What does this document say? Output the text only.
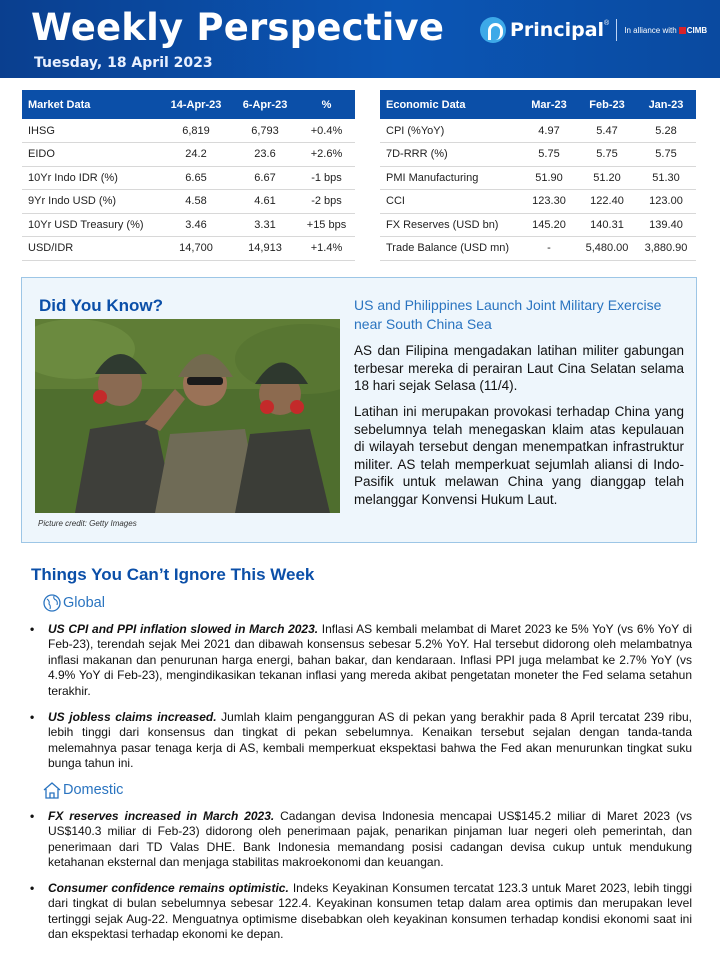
Weekly Perspective
Tuesday, 18 April 2023
Principal ®
In alliance with	CIMB
Market Data	14-Apr-23	6-Apr-23	%
IHSG	6,819	6,793	+0.4%
EIDO	24.2	23.6	+2.6%
10Yr Indo IDR (%)	6.65	6.67	-1 bps
9Yr Indo USD (%)	4.58	4.61	-2 bps
10Yr USD Treasury (%)	3.46	3.31	+15 bps
USD/IDR	14,700	14,913	+1.4%
Economic Data	Mar-23	Feb-23	Jan-23
CPI (%YoY)	4.97	5.47	5.28
7D-RRR (%)	5.75	5.75	5.75
PMI Manufacturing	51.90	51.20	51.30
CCI	123.30	122.40	123.00
FX Reserves (USD bn)	145.20	140.31	139.40
Trade Balance (USD mn)	-	5,480.00	3,880.90
Did You Know?
Picture credit: Getty Images
US and Philippines Launch Joint Military Exercise near South China Sea
AS dan Filipina mengadakan latihan militer gabungan terbesar mereka di perairan Laut Cina Selatan selama 18 hari sejak Selasa (11/4).
Latihan ini merupakan provokasi terhadap China yang sebelumnya telah menegaskan klaim atas kepulauan di wilayah tersebut dengan menempatkan infrastruktur militer. AS telah memperkuat sejumlah aliansi di Indo-Pasifik untuk melawan China yang dianggap telah melanggar Konvensi Hukum Laut.
Things You Can’t Ignore This Week
Global
• US CPI and PPI inflation slowed in March 2023. Inflasi AS kembali melambat di Maret 2023 ke 5% YoY (vs 6% YoY di Feb-23), terendah sejak Mei 2021 dan dibawah konsensus sebesar 5.2% YoY. Hal tersebut didorong oleh melambatnya inflasi makanan dan penurunan harga energi, bahan bakar, dan kendaraan. Inflasi PPI juga melambat ke 2.7% YoY (vs 4.9% YoY di Feb-23), mengindikasikan tekanan inflasi yang mereda akibat pengetatan moneter the Fed selama setahun terakhir.
• US jobless claims increased. Jumlah klaim pengangguran AS di pekan yang berakhir pada 8 April tercatat 239 ribu, lebih tinggi dari konsensus dan tingkat di pekan sebelumnya. Kenaikan tersebut sejalan dengan tanda-tanda melemahnya pasar tenaga kerja di AS, kembali memperkuat ekspektasi bahwa the Fed akan menurunkan tingkat suku bunga tahun ini.
Domestic
• FX reserves increased in March 2023. Cadangan devisa Indonesia mencapai US$145.2 miliar di Maret 2023 (vs US$140.3 miliar di Feb-23) didorong oleh penerimaan pajak, penarikan pinjaman luar negeri oleh pemerintah, dan penerimaan dari TD Valas DHE. Bank Indonesia memandang posisi cadangan devisa cukup untuk mendukung ketahanan eksternal dan menjaga stabilitas makroekonomi dan keuangan.
• Consumer confidence remains optimistic. Indeks Keyakinan Konsumen tercatat 123.3 untuk Maret 2023, lebih tinggi dari tingkat di bulan sebelumnya sebesar 122.4. Keyakinan konsumen tetap dalam area optimis dan merupakan level tertinggi sejak Aug-22. Menguatnya optimisme disebabkan oleh keyakinan konsumen terhadap kondisi ekonomi saat ini dan ekspektasi terhadap ekonomi ke depan.
